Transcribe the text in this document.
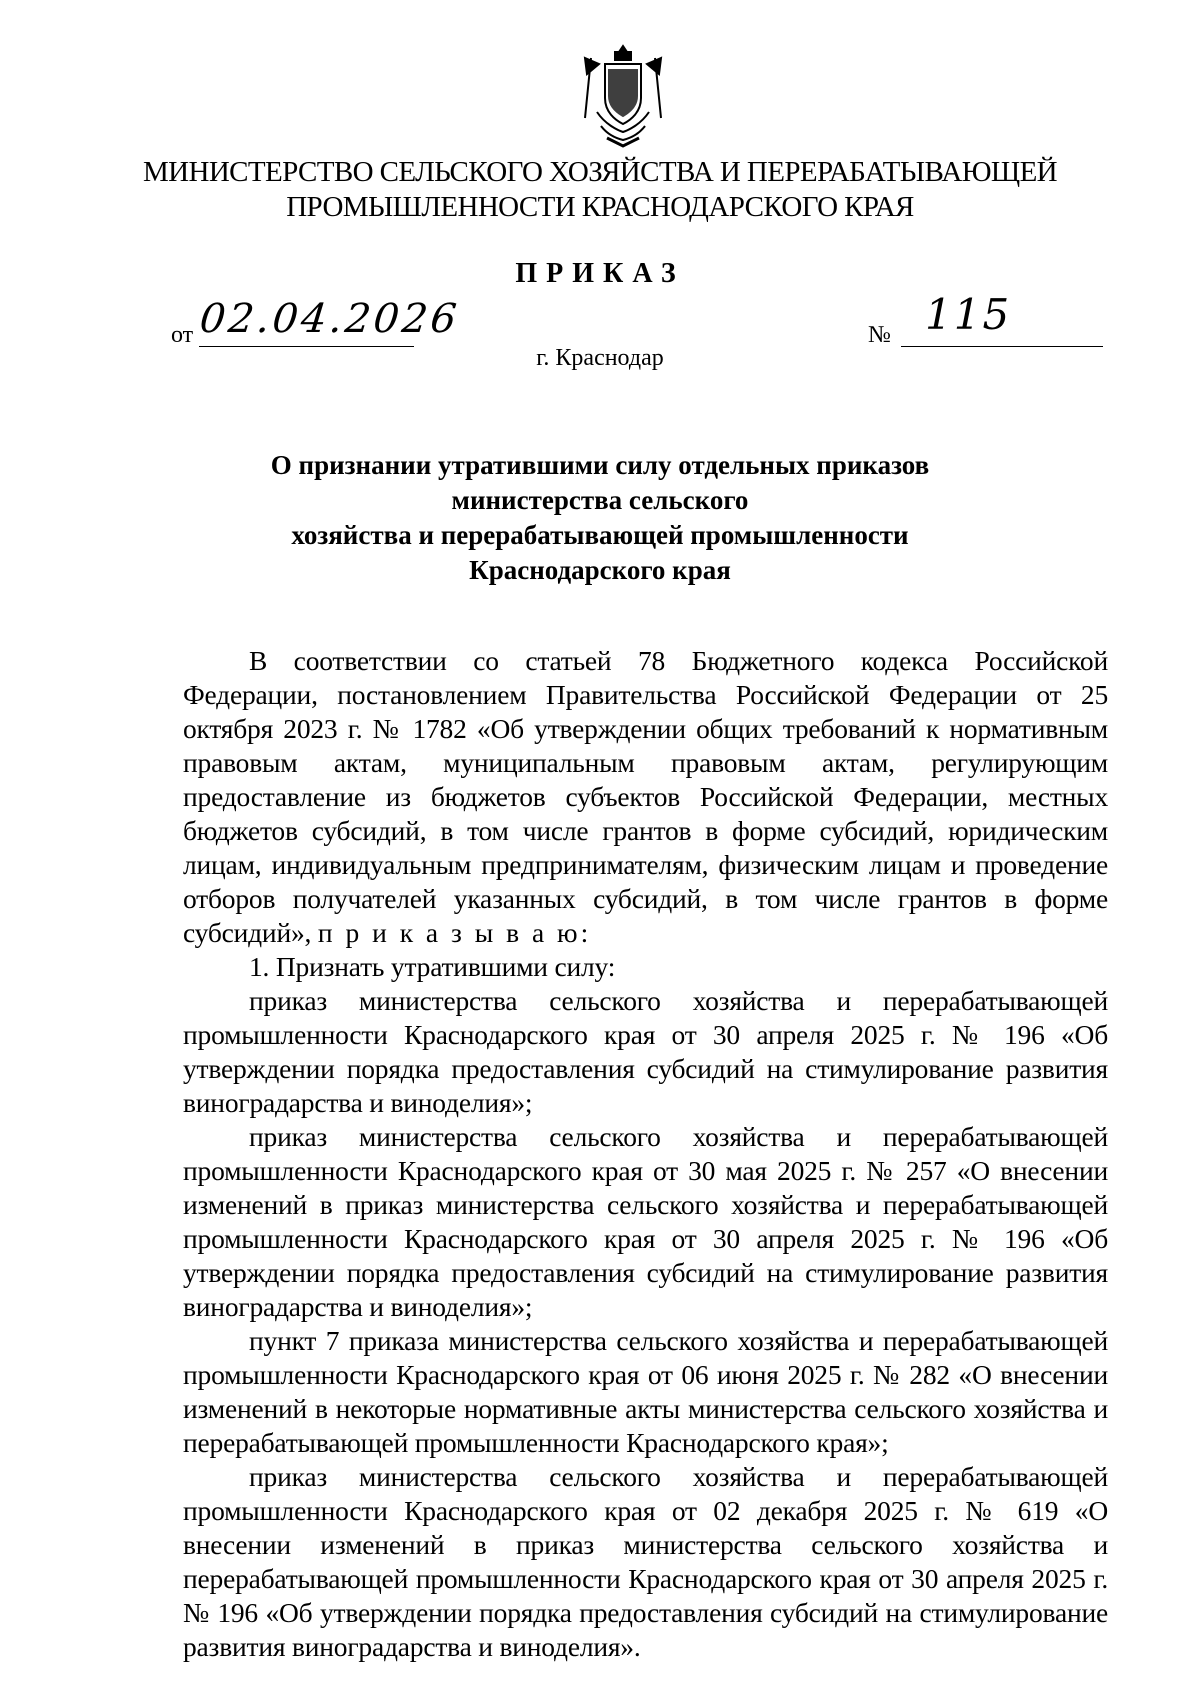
МИНИСТЕРСТВО СЕЛЬСКОГО ХОЗЯЙСТВА И ПЕРЕРАБАТЫВАЮЩЕЙ
ПРОМЫШЛЕННОСТИ КРАСНОДАРСКОГО КРАЯ
ПРИКАЗ
от 02.04.2026	№ 115
г. Краснодар
О признании утратившими силу отдельных приказов
министерства сельского
хозяйства и перерабатывающей промышленности
Краснодарского края

В соответствии со статьей 78 Бюджетного кодекса Российской Федерации, постановлением Правительства Российской Федерации от 25 октября 2023 г. № 1782 «Об утверждении общих требований к нормативным правовым актам, муниципальным правовым актам, регулирующим предоставление из бюджетов субъектов Российской Федерации, местных бюджетов субсидий, в том числе грантов в форме субсидий, юридическим лицам, индивидуальным предпринимателям, физическим лицам и проведение отборов получателей указанных субсидий, в том числе грантов в форме субсидий», п р и к а з ы в а ю:

1. Признать утратившими силу:

приказ министерства сельского хозяйства и перерабатывающей промышленности Краснодарского края от 30 апреля 2025 г. № 196 «Об утверждении порядка предоставления субсидий на стимулирование развития виноградарства и виноделия»;

приказ министерства сельского хозяйства и перерабатывающей промышленности Краснодарского края от 30 мая 2025 г. № 257 «О внесении изменений в приказ министерства сельского хозяйства и перерабатывающей промышленности Краснодарского края от 30 апреля 2025 г. № 196 «Об утверждении порядка предоставления субсидий на стимулирование развития виноградарства и виноделия»;

пункт 7 приказа министерства сельского хозяйства и перерабатывающей промышленности Краснодарского края от 06 июня 2025 г. № 282 «О внесении изменений в некоторые нормативные акты министерства сельского хозяйства и перерабатывающей промышленности Краснодарского края»;

приказ министерства сельского хозяйства и перерабатывающей промышленности Краснодарского края от 02 декабря 2025 г. № 619 «О внесении изменений в приказ министерства сельского хозяйства и перерабатывающей промышленности Краснодарского края от 30 апреля 2025 г. № 196 «Об утверждении порядка предоставления субсидий на стимулирование развития виноградарства и виноделия».
